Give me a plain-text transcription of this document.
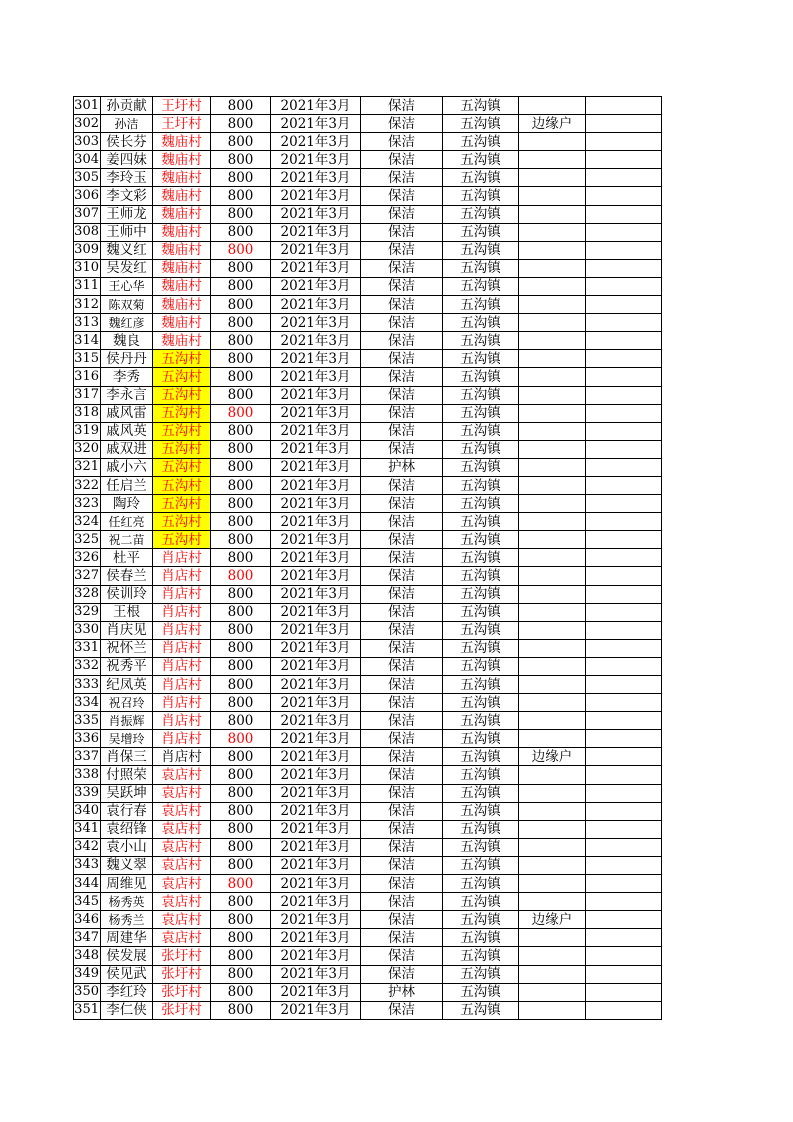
301	孙贡献	王圩村	800	2021年3月	保洁	五沟镇		
302	孙洁	王圩村	800	2021年3月	保洁	五沟镇	边缘户	
303	侯长芬	魏庙村	800	2021年3月	保洁	五沟镇		
304	姜四妹	魏庙村	800	2021年3月	保洁	五沟镇		
305	李玲玉	魏庙村	800	2021年3月	保洁	五沟镇		
306	李文彩	魏庙村	800	2021年3月	保洁	五沟镇		
307	王师龙	魏庙村	800	2021年3月	保洁	五沟镇		
308	王师中	魏庙村	800	2021年3月	保洁	五沟镇		
309	魏义红	魏庙村	800	2021年3月	保洁	五沟镇		
310	吴发红	魏庙村	800	2021年3月	保洁	五沟镇		
311	王心华	魏庙村	800	2021年3月	保洁	五沟镇		
312	陈双菊	魏庙村	800	2021年3月	保洁	五沟镇		
313	魏红彦	魏庙村	800	2021年3月	保洁	五沟镇		
314	魏良	魏庙村	800	2021年3月	保洁	五沟镇		
315	侯丹丹	五沟村	800	2021年3月	保洁	五沟镇		
316	李秀	五沟村	800	2021年3月	保洁	五沟镇		
317	李永言	五沟村	800	2021年3月	保洁	五沟镇		
318	戚风雷	五沟村	800	2021年3月	保洁	五沟镇		
319	戚风英	五沟村	800	2021年3月	保洁	五沟镇		
320	戚双进	五沟村	800	2021年3月	保洁	五沟镇		
321	戚小六	五沟村	800	2021年3月	护林	五沟镇		
322	任启兰	五沟村	800	2021年3月	保洁	五沟镇		
323	陶玲	五沟村	800	2021年3月	保洁	五沟镇		
324	任红亮	五沟村	800	2021年3月	保洁	五沟镇		
325	祝二苗	五沟村	800	2021年3月	保洁	五沟镇		
326	杜平	肖店村	800	2021年3月	保洁	五沟镇		
327	侯春兰	肖店村	800	2021年3月	保洁	五沟镇		
328	侯训玲	肖店村	800	2021年3月	保洁	五沟镇		
329	王根	肖店村	800	2021年3月	保洁	五沟镇		
330	肖庆见	肖店村	800	2021年3月	保洁	五沟镇		
331	祝怀兰	肖店村	800	2021年3月	保洁	五沟镇		
332	祝秀平	肖店村	800	2021年3月	保洁	五沟镇		
333	纪凤英	肖店村	800	2021年3月	保洁	五沟镇		
334	祝召玲	肖店村	800	2021年3月	保洁	五沟镇		
335	肖振辉	肖店村	800	2021年3月	保洁	五沟镇		
336	吴增玲	肖店村	800	2021年3月	保洁	五沟镇		
337	肖保三	肖店村	800	2021年3月	保洁	五沟镇	边缘户	
338	付照荣	袁店村	800	2021年3月	保洁	五沟镇		
339	吴跃坤	袁店村	800	2021年3月	保洁	五沟镇		
340	袁行春	袁店村	800	2021年3月	保洁	五沟镇		
341	袁绍锋	袁店村	800	2021年3月	保洁	五沟镇		
342	袁小山	袁店村	800	2021年3月	保洁	五沟镇		
343	魏义翠	袁店村	800	2021年3月	保洁	五沟镇		
344	周维见	袁店村	800	2021年3月	保洁	五沟镇		
345	杨秀英	袁店村	800	2021年3月	保洁	五沟镇		
346	杨秀兰	袁店村	800	2021年3月	保洁	五沟镇	边缘户	
347	周建华	袁店村	800	2021年3月	保洁	五沟镇		
348	侯发展	张圩村	800	2021年3月	保洁	五沟镇		
349	侯见武	张圩村	800	2021年3月	保洁	五沟镇		
350	李红玲	张圩村	800	2021年3月	护林	五沟镇		
351	李仁侠	张圩村	800	2021年3月	保洁	五沟镇		
